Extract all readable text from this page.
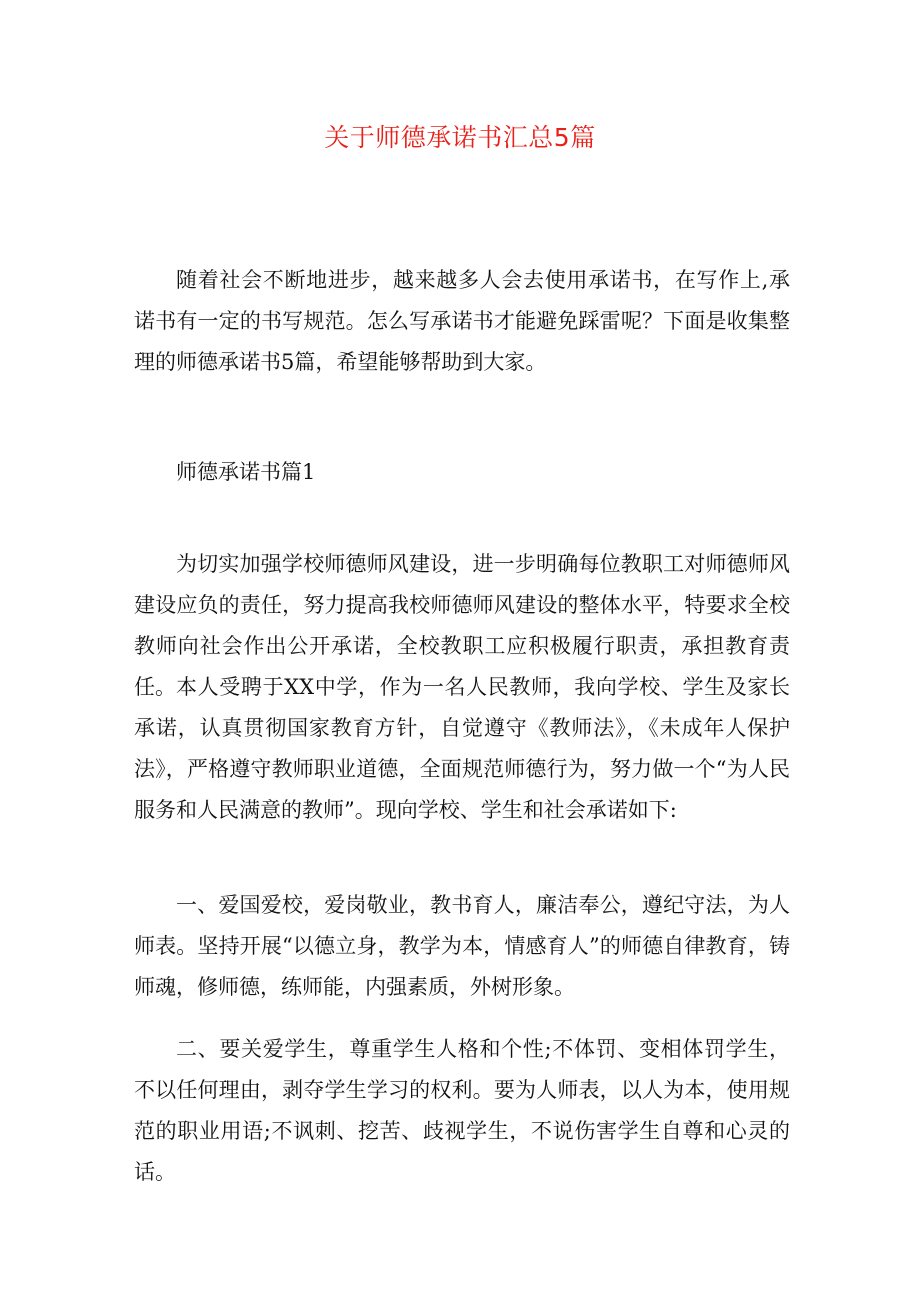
关于师德承诺书汇总5篇

随着社会不断地进步，越来越多人会去使用承诺书，在写作上,承诺书有一定的书写规范。怎么写承诺书才能避免踩雷呢？下面是收集整理的师德承诺书5篇，希望能够帮助到大家。

师德承诺书篇1

为切实加强学校师德师风建设，进一步明确每位教职工对师德师风建设应负的责任，努力提高我校师德师风建设的整体水平，特要求全校教师向社会作出公开承诺，全校教职工应积极履行职责，承担教育责任。 本人受聘于XX中学，作为一名人民教师，我向学校、学生及家长承诺，认真贯彻国家教育方针，自觉遵守《教师法》，《未成年人保护法》，严格遵守教师职业道德，全面规范师德行为，努力做一个“为人民服务和人民满意的教师”。现向学校、学生和社会承诺如下:

一、爱国爱校，爱岗敬业，教书育人，廉洁奉公，遵纪守法，为人师表。坚持开展“以德立身，教学为本，情感育人”的师德自律教育，铸师魂，修师德，练师能，内强素质，外树形象。

二、要关爱学生，尊重学生人格和个性;不体罚、变相体罚学生，不以任何理由，剥夺学生学习的权利。要为人师表，以人为本，使用规范的职业用语;不讽刺、挖苦、歧视学生，不说伤害学生自尊和心灵的话。
